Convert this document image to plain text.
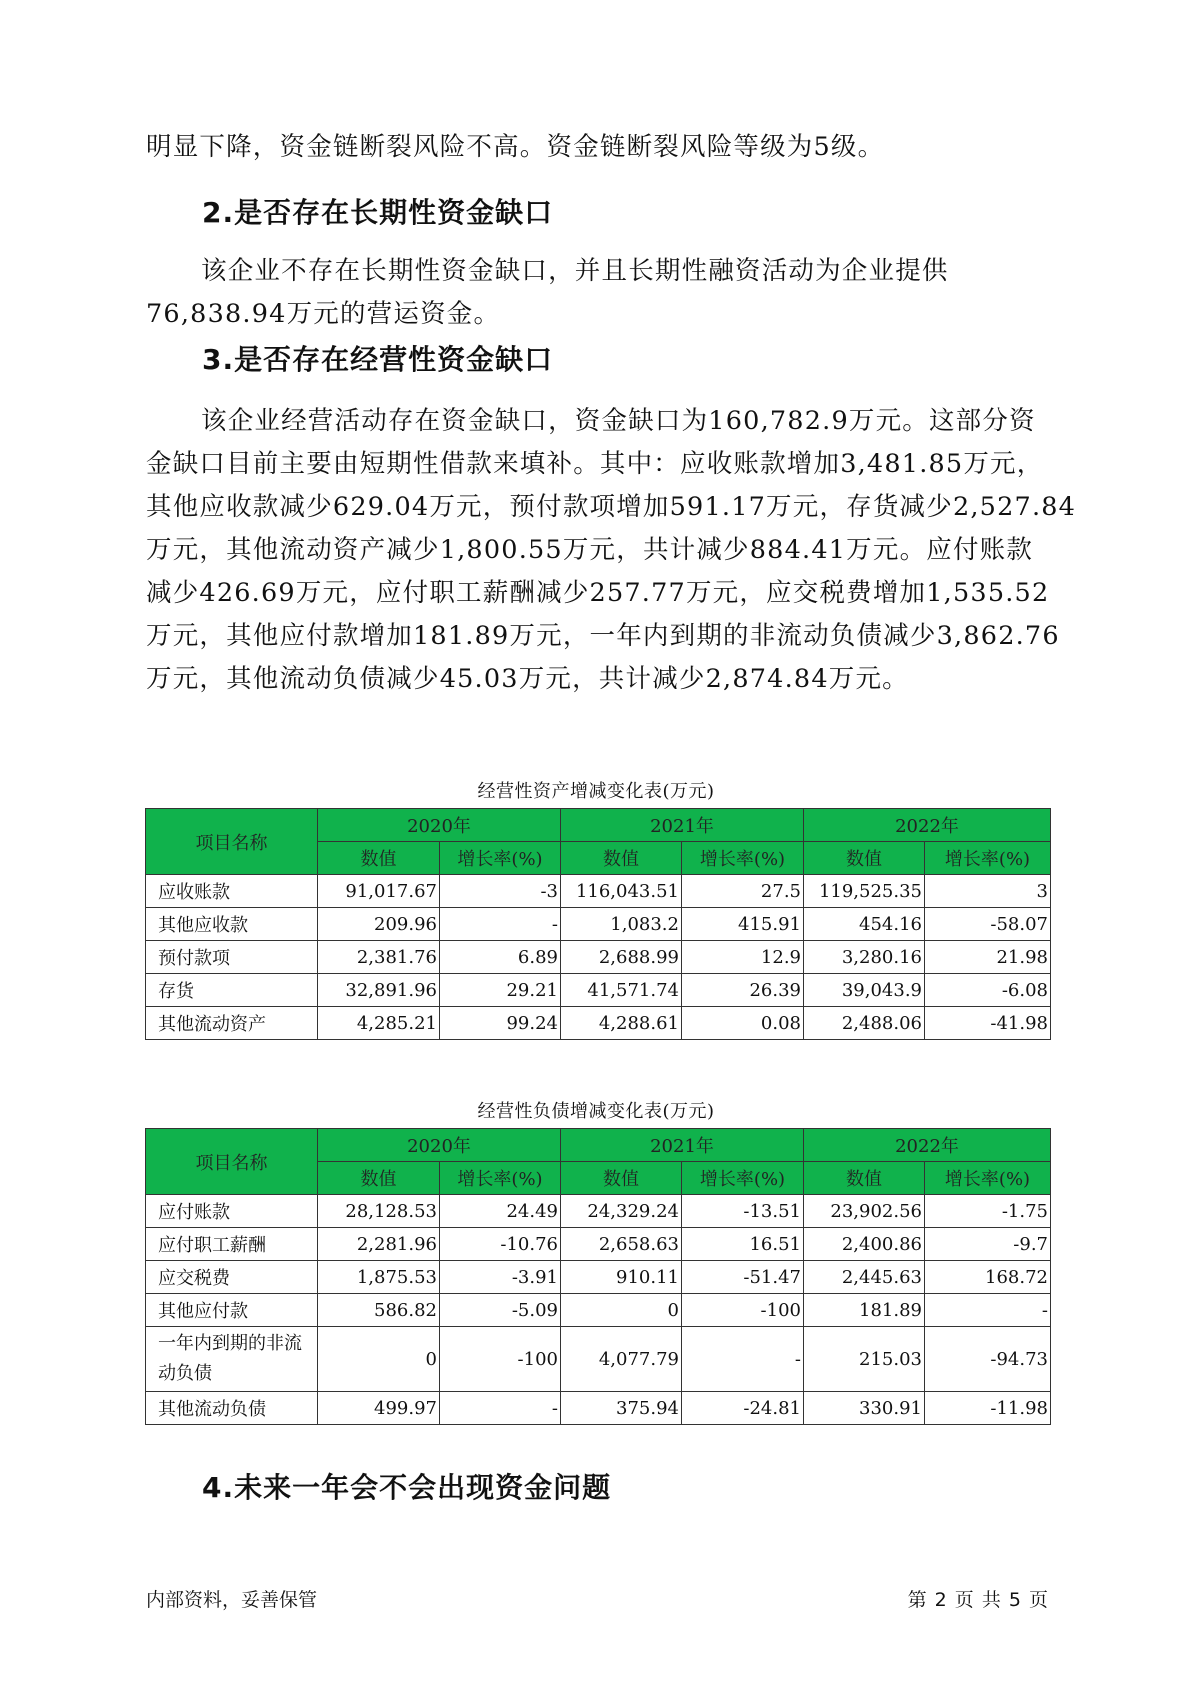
明显下降，资金链断裂风险不高。资金链断裂风险等级为5级。

2.是否存在长期性资金缺口

该企业不存在长期性资金缺口，并且长期性融资活动为企业提供
76,838.94万元的营运资金。

3.是否存在经营性资金缺口

该企业经营活动存在资金缺口，资金缺口为160,782.9万元。这部分资
金缺口目前主要由短期性借款来填补。其中：应收账款增加3,481.85万元，
其他应收款减少629.04万元，预付款项增加591.17万元，存货减少2,527.84
万元，其他流动资产减少1,800.55万元，共计减少884.41万元。应付账款
减少426.69万元，应付职工薪酬减少257.77万元，应交税费增加1,535.52
万元，其他应付款增加181.89万元，一年内到期的非流动负债减少3,862.76
万元，其他流动负债减少45.03万元，共计减少2,874.84万元。

经营性资产增减变化表(万元)
项目名称	2020年		2021年		2022年	
	数值	增长率(%)	数值	增长率(%)	数值	增长率(%)
应收账款	91,017.67	-3	116,043.51	27.5	119,525.35	3
其他应收款	209.96	-	1,083.2	415.91	454.16	-58.07
预付款项	2,381.76	6.89	2,688.99	12.9	3,280.16	21.98
存货	32,891.96	29.21	41,571.74	26.39	39,043.9	-6.08
其他流动资产	4,285.21	99.24	4,288.61	0.08	2,488.06	-41.98
经营性负债增减变化表(万元)
项目名称	2020年		2021年		2022年	
	数值	增长率(%)	数值	增长率(%)	数值	增长率(%)
应付账款	28,128.53	24.49	24,329.24	-13.51	23,902.56	-1.75
应付职工薪酬	2,281.96	-10.76	2,658.63	16.51	2,400.86	-9.7
应交税费	1,875.53	-3.91	910.11	-51.47	2,445.63	168.72
其他应付款	586.82	-5.09	0	-100	181.89	-
一年内到期的非流动负债	0	-100	4,077.79	-	215.03	-94.73
其他流动负债	499.97	-	375.94	-24.81	330.91	-11.98
4.未来一年会不会出现资金问题
内部资料，妥善保管	第 2 页 共 5 页
